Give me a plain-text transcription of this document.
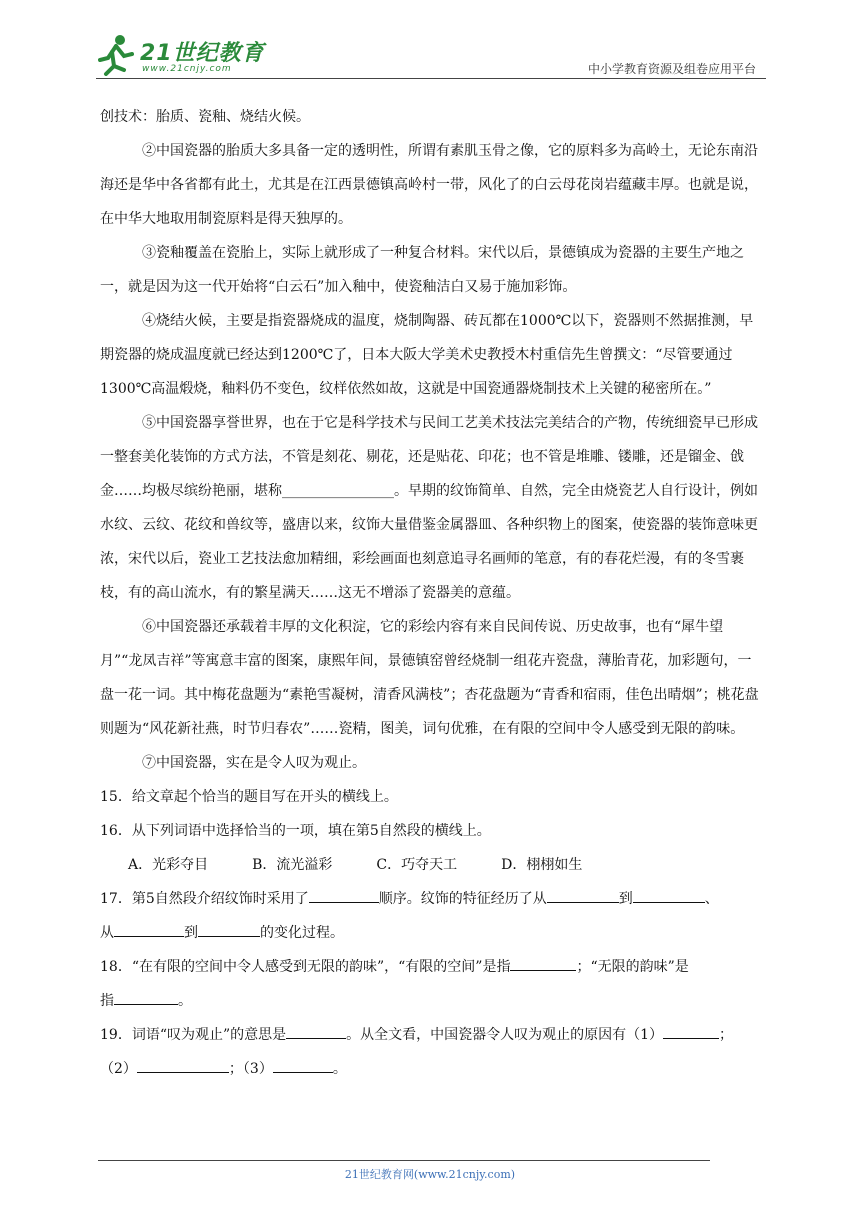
21世纪教育
www.21cnjy.com	中小学教育资源及组卷应用平台

创技术：胎质、瓷釉、烧结火候。

②中国瓷器的胎质大多具备一定的透明性，所谓有素肌玉骨之像，它的原料多为高岭土，无论东南沿海还是华中各省都有此土，尤其是在江西景德镇高岭村一带，风化了的白云母花岗岩蕴藏丰厚。也就是说，在中华大地取用制瓷原料是得天独厚的。

③瓷釉覆盖在瓷胎上，实际上就形成了一种复合材料。宋代以后，景德镇成为瓷器的主要生产地之一，就是因为这一代开始将“白云石”加入釉中，使瓷釉洁白又易于施加彩饰。

④烧结火候，主要是指瓷器烧成的温度，烧制陶器、砖瓦都在1000℃以下，瓷器则不然据推测，早期瓷器的烧成温度就已经达到1200℃了，日本大阪大学美术史教授木村重信先生曾撰文：“尽管要通过1300℃高温煅烧，釉料仍不变色，纹样依然如故，这就是中国瓷通器烧制技术上关键的秘密所在。”

⑤中国瓷器享誉世界，也在于它是科学技术与民间工艺美术技法完美结合的产物，传统细瓷早已形成一整套美化装饰的方式方法，不管是刻花、剔花，还是贴花、印花；也不管是堆雕、镂雕，还是镏金、戗金……均极尽缤纷艳丽，堪称________________。早期的纹饰简单、自然，完全由烧瓷艺人自行设计，例如水纹、云纹、花纹和兽纹等，盛唐以来，纹饰大量借鉴金属器皿、各种织物上的图案，使瓷器的装饰意味更浓，宋代以后，瓷业工艺技法愈加精细，彩绘画面也刻意追寻名画师的笔意，有的春花烂漫，有的冬雪裹枝，有的高山流水，有的繁星满天……这无不增添了瓷器美的意蕴。

⑥中国瓷器还承载着丰厚的文化积淀，它的彩绘内容有来自民间传说、历史故事，也有“犀牛望月”“龙凤吉祥”等寓意丰富的图案，康熙年间，景德镇窑曾经烧制一组花卉瓷盘，薄胎青花，加彩题句，一盘一花一词。其中梅花盘题为“素艳雪凝树，清香风满枝”；杏花盘题为“青香和宿雨，佳色出晴烟”；桃花盘则题为“风花新社燕，时节归春农”……瓷精，图美，词句优雅，在有限的空间中令人感受到无限的韵味。

⑦中国瓷器，实在是令人叹为观止。

15．给文章起个恰当的题目写在开头的横线上。

16．从下列词语中选择恰当的一项，填在第5自然段的横线上。

A．光彩夺目	B．流光溢彩	C．巧夺天工	D．栩栩如生

17．第5自然段介绍纹饰时采用了	顺序。纹饰的特征经历了从	到	、

从	到	的变化过程。

18．“在有限的空间中令人感受到无限的韵味”，“有限的空间”是指	；“无限的韵味”是

指	。

19．词语“叹为观止”的意思是	。从全文看，中国瓷器令人叹为观止的原因有（1）	；

（2）	；（3）	。

21世纪教育网(www.21cnjy.com)
